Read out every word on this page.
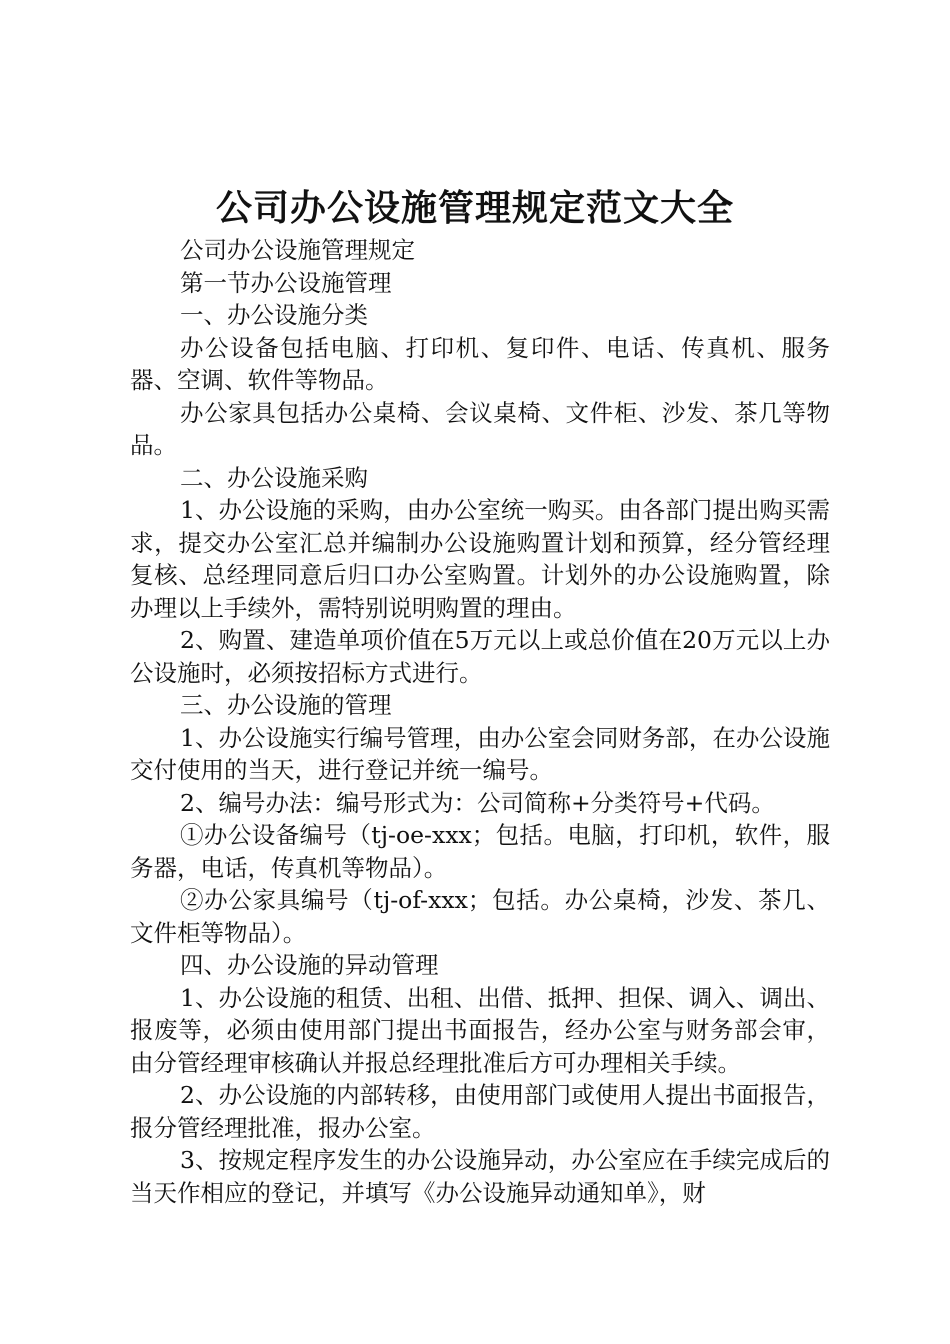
公司办公设施管理规定范文大全

公司办公设施管理规定

第一节办公设施管理

一、办公设施分类

办公设备包括电脑、打印机、复印件、电话、传真机、服务器、空调、软件等物品。

办公家具包括办公桌椅、会议桌椅、文件柜、沙发、茶几等物品。

二、办公设施采购

1、办公设施的采购，由办公室统一购买。由各部门提出购买需求，提交办公室汇总并编制办公设施购置计划和预算，经分管经理复核、总经理同意后归口办公室购置。计划外的办公设施购置，除办理以上手续外，需特别说明购置的理由。

2、购置、建造单项价值在5万元以上或总价值在20万元以上办公设施时，必须按招标方式进行。

三、办公设施的管理

1、办公设施实行编号管理，由办公室会同财务部，在办公设施交付使用的当天，进行登记并统一编号。

2、编号办法：编号形式为：公司简称+分类符号+代码。

①办公设备编号（tj-oe-xxx；包括。电脑，打印机，软件，服务器，电话，传真机等物品）。

②办公家具编号（tj-of-xxx；包括。办公桌椅，沙发、茶几、文件柜等物品）。

四、办公设施的异动管理

1、办公设施的租赁、出租、出借、抵押、担保、调入、调出、报废等，必须由使用部门提出书面报告，经办公室与财务部会审，由分管经理审核确认并报总经理批准后方可办理相关手续。

2、办公设施的内部转移，由使用部门或使用人提出书面报告，报分管经理批准，报办公室。

3、按规定程序发生的办公设施异动，办公室应在手续完成后的当天作相应的登记，并填写《办公设施异动通知单》，财
